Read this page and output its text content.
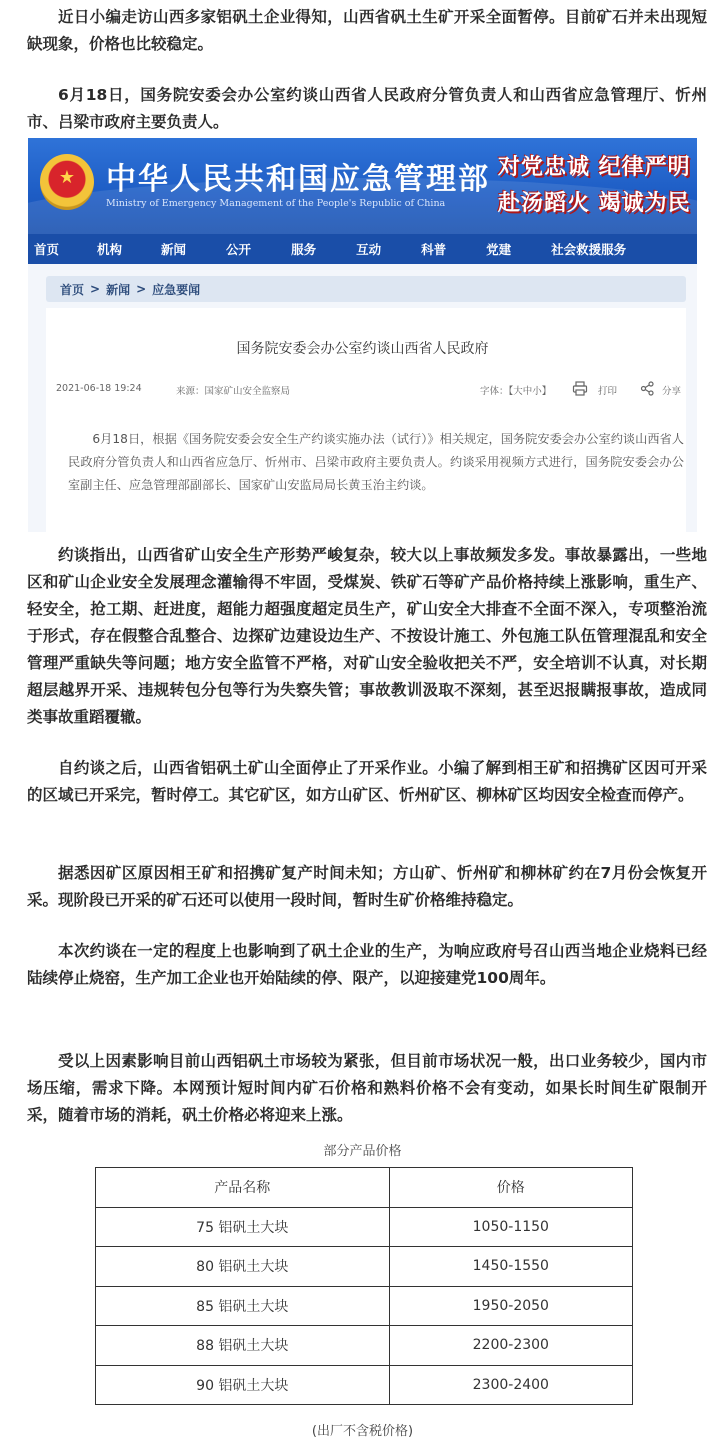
近日小编走访山西多家铝矾土企业得知，山西省矾土生矿开采全面暂停。目前矿石并未出现短缺现象，价格也比较稳定。

6月18日，国务院安委会办公室约谈山西省人民政府分管负责人和山西省应急管理厅、忻州市、吕梁市政府主要负责人。

★	中华人民共和国应急管理部
Ministry of Emergency Management of the People's Republic of China
对党忠诚 纪律严明
赴汤蹈火 竭诚为民
首页	机构	新闻	公开	服务	互动	科普	党建	社会救援服务
首页 > 新闻 > 应急要闻
国务院安委会办公室约谈山西省人民政府
2021-06-18 19:24	来源：国家矿山安全监察局	字体：【大中小】	打印	分享

6月18日，根据《国务院安委会安全生产约谈实施办法（试行）》相关规定，国务院安委会办公室约谈山西省人民政府分管负责人和山西省应急厅、忻州市、吕梁市政府主要负责人。约谈采用视频方式进行，国务院安委会办公室副主任、应急管理部副部长、国家矿山安监局局长黄玉治主约谈。

约谈指出，山西省矿山安全生产形势严峻复杂，较大以上事故频发多发。事故暴露出，一些地区和矿山企业安全发展理念灌输得不牢固，受煤炭、铁矿石等矿产品价格持续上涨影响，重生产、轻安全，抢工期、赶进度，超能力超强度超定员生产，矿山安全大排查不全面不深入，专项整治流于形式，存在假整合乱整合、边探矿边建设边生产、不按设计施工、外包施工队伍管理混乱和安全管理严重缺失等问题；地方安全监管不严格，对矿山安全验收把关不严，安全培训不认真，对长期超层越界开采、违规转包分包等行为失察失管；事故教训汲取不深刻，甚至迟报瞒报事故，造成同类事故重蹈覆辙。

自约谈之后，山西省铝矾土矿山全面停止了开采作业。小编了解到相王矿和招携矿区因可开采的区域已开采完，暂时停工。其它矿区，如方山矿区、忻州矿区、柳林矿区均因安全检查而停产。

据悉因矿区原因相王矿和招携矿复产时间未知；方山矿、忻州矿和柳林矿约在7月份会恢复开采。现阶段已开采的矿石还可以使用一段时间，暂时生矿价格维持稳定。

本次约谈在一定的程度上也影响到了矾土企业的生产，为响应政府号召山西当地企业烧料已经陆续停止烧窑，生产加工企业也开始陆续的停、限产，以迎接建党100周年。

受以上因素影响目前山西铝矾土市场较为紧张，但目前市场状况一般，出口业务较少，国内市场压缩，需求下降。本网预计短时间内矿石价格和熟料价格不会有变动，如果长时间生矿限制开采，随着市场的消耗，矾土价格必将迎来上涨。

部分产品价格
产品名称	价格
75 铝矾土大块	1050-1150
80 铝矾土大块	1450-1550
85 铝矾土大块	1950-2050
88 铝矾土大块	2200-2300
90 铝矾土大块	2300-2400
(出厂不含税价格)
